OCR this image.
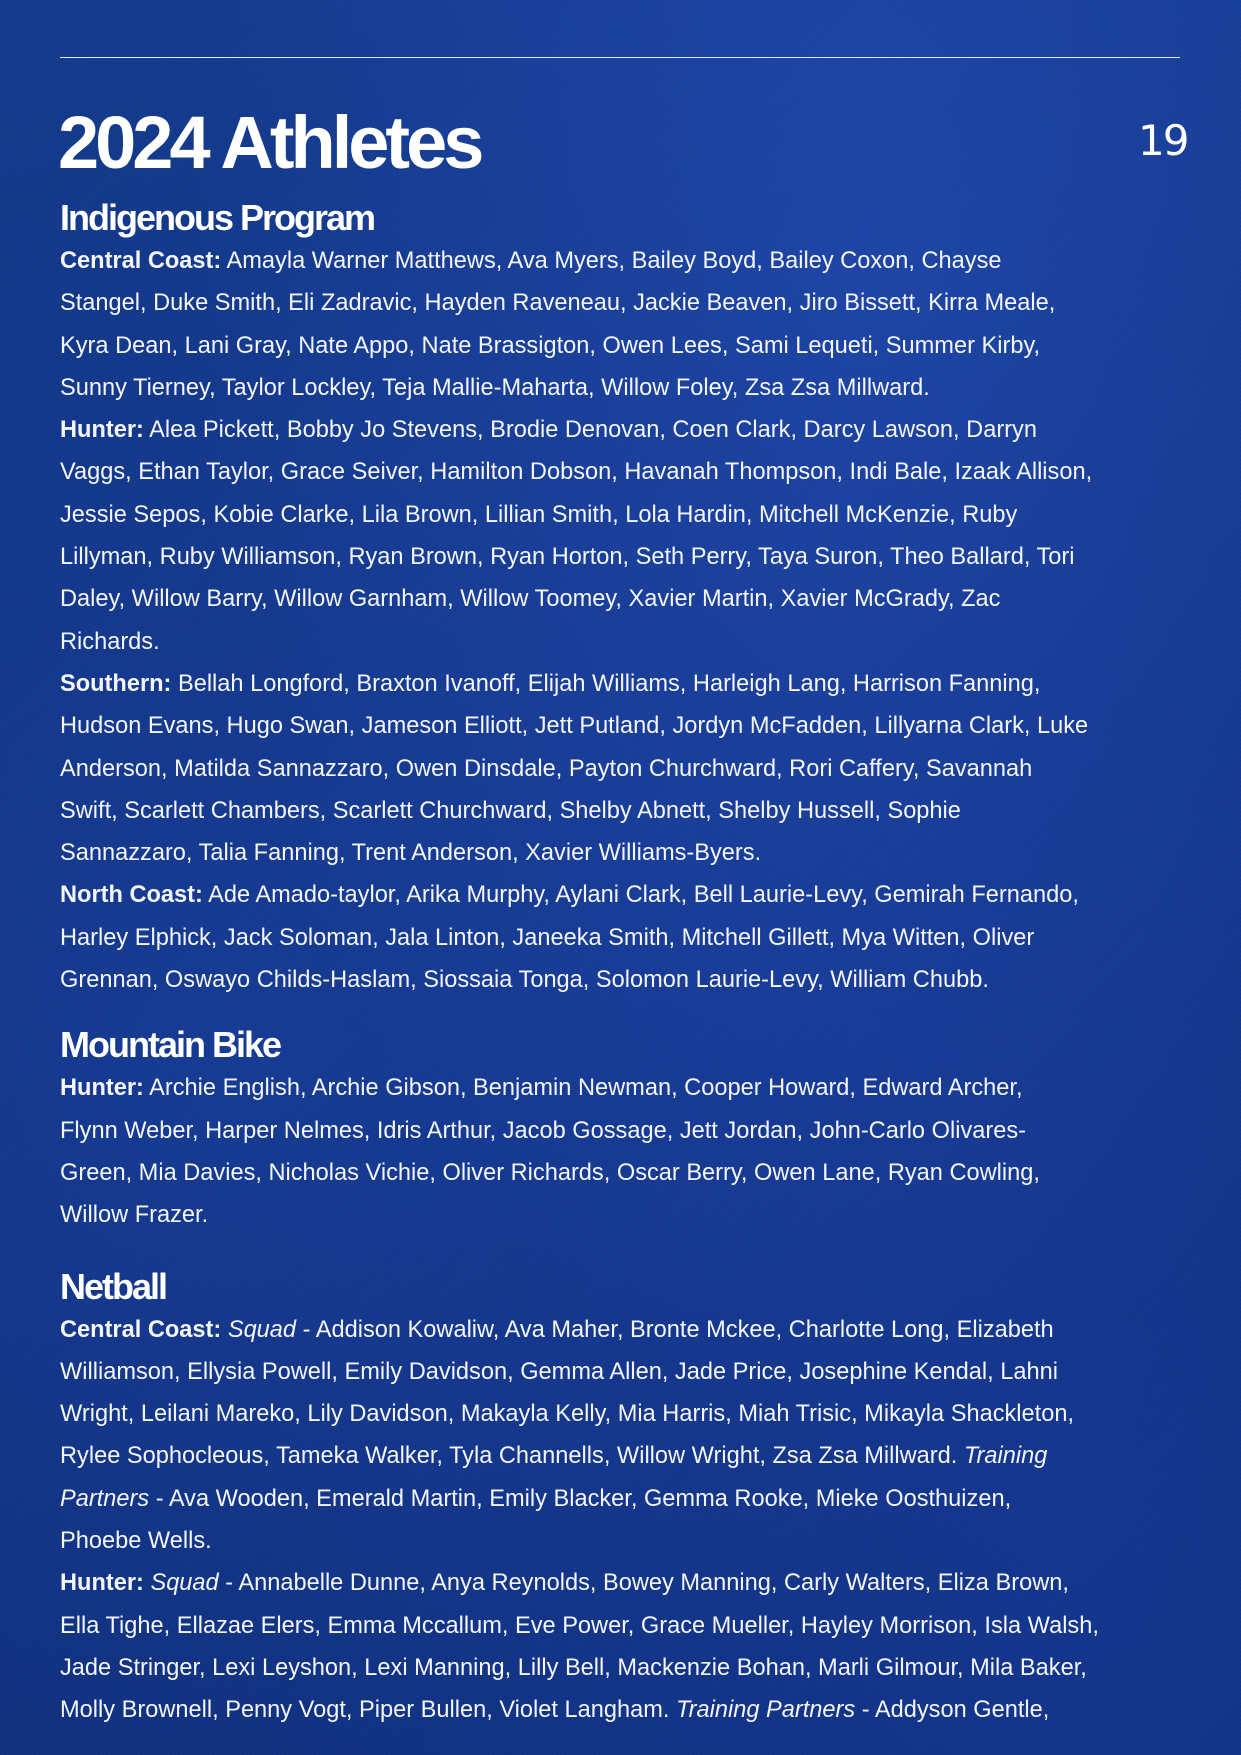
2024 Athletes	19
Indigenous Program

Central Coast: Amayla Warner Matthews, Ava Myers, Bailey Boyd, Bailey Coxon, Chayse
Stangel, Duke Smith, Eli Zadravic, Hayden Raveneau, Jackie Beaven, Jiro Bissett, Kirra Meale,
Kyra Dean, Lani Gray, Nate Appo, Nate Brassigton, Owen Lees, Sami Lequeti, Summer Kirby,
Sunny Tierney, Taylor Lockley, Teja Mallie-Maharta, Willow Foley, Zsa Zsa Millward.

Hunter: Alea Pickett, Bobby Jo Stevens, Brodie Denovan, Coen Clark, Darcy Lawson, Darryn
Vaggs, Ethan Taylor, Grace Seiver, Hamilton Dobson, Havanah Thompson, Indi Bale, Izaak Allison,
Jessie Sepos, Kobie Clarke, Lila Brown, Lillian Smith, Lola Hardin, Mitchell McKenzie, Ruby
Lillyman, Ruby Williamson, Ryan Brown, Ryan Horton, Seth Perry, Taya Suron, Theo Ballard, Tori
Daley, Willow Barry, Willow Garnham, Willow Toomey, Xavier Martin, Xavier McGrady, Zac
Richards.

Southern: Bellah Longford, Braxton Ivanoff, Elijah Williams, Harleigh Lang, Harrison Fanning,
Hudson Evans, Hugo Swan, Jameson Elliott, Jett Putland, Jordyn McFadden, Lillyarna Clark, Luke
Anderson, Matilda Sannazzaro, Owen Dinsdale, Payton Churchward, Rori Caffery, Savannah
Swift, Scarlett Chambers, Scarlett Churchward, Shelby Abnett, Shelby Hussell, Sophie
Sannazzaro, Talia Fanning, Trent Anderson, Xavier Williams-Byers.

North Coast: Ade Amado-taylor, Arika Murphy, Aylani Clark, Bell Laurie-Levy, Gemirah Fernando,
Harley Elphick, Jack Soloman, Jala Linton, Janeeka Smith, Mitchell Gillett, Mya Witten, Oliver
Grennan, Oswayo Childs-Haslam, Siossaia Tonga, Solomon Laurie-Levy, William Chubb.

Mountain Bike

Hunter: Archie English, Archie Gibson, Benjamin Newman, Cooper Howard, Edward Archer,
Flynn Weber, Harper Nelmes, Idris Arthur, Jacob Gossage, Jett Jordan, John-Carlo Olivares-
Green, Mia Davies, Nicholas Vichie, Oliver Richards, Oscar Berry, Owen Lane, Ryan Cowling,
Willow Frazer.

Netball

Central Coast: Squad - Addison Kowaliw, Ava Maher, Bronte Mckee, Charlotte Long, Elizabeth
Williamson, Ellysia Powell, Emily Davidson, Gemma Allen, Jade Price, Josephine Kendal, Lahni
Wright, Leilani Mareko, Lily Davidson, Makayla Kelly, Mia Harris, Miah Trisic, Mikayla Shackleton,
Rylee Sophocleous, Tameka Walker, Tyla Channells, Willow Wright, Zsa Zsa Millward. Training
Partners - Ava Wooden, Emerald Martin, Emily Blacker, Gemma Rooke, Mieke Oosthuizen,
Phoebe Wells.

Hunter: Squad - Annabelle Dunne, Anya Reynolds, Bowey Manning, Carly Walters, Eliza Brown,
Ella Tighe, Ellazae Elers, Emma Mccallum, Eve Power, Grace Mueller, Hayley Morrison, Isla Walsh,
Jade Stringer, Lexi Leyshon, Lexi Manning, Lilly Bell, Mackenzie Bohan, Marli Gilmour, Mila Baker,
Molly Brownell, Penny Vogt, Piper Bullen, Violet Langham. Training Partners - Addyson Gentle,
